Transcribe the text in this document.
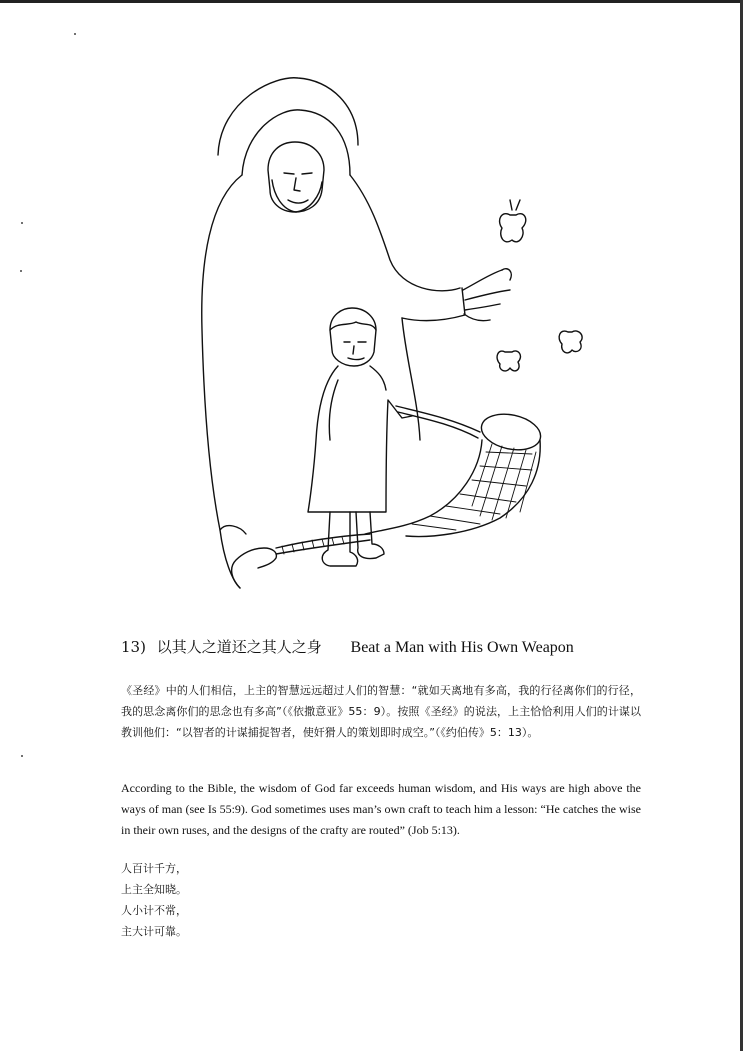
13) 以其人之道还之其人之身 Beat a Man with His Own Weapon
《圣经》中的人们相信，上主的智慧远远超过人们的智慧：“就如天离地有多高，我的行径离你们的行径，我的思念离你们的思念也有多高”（《依撒意亚》55：9）。按照《圣经》的说法，上主恰恰利用人们的计谋以教训他们：“以智者的计谋捕捉智者，使奸猾人的策划即时成空。”（《约伯传》5：13）。
According to the Bible, the wisdom of God far exceeds human wisdom, and His ways are high above the ways of man (see Is 55:9). God sometimes uses man’s own craft to teach him a lesson: “He catches the wise in their own ruses, and the designs of the crafty are routed” (Job 5:13).
人百计千方，
上主全知晓。
人小计不常，
主大计可靠。
